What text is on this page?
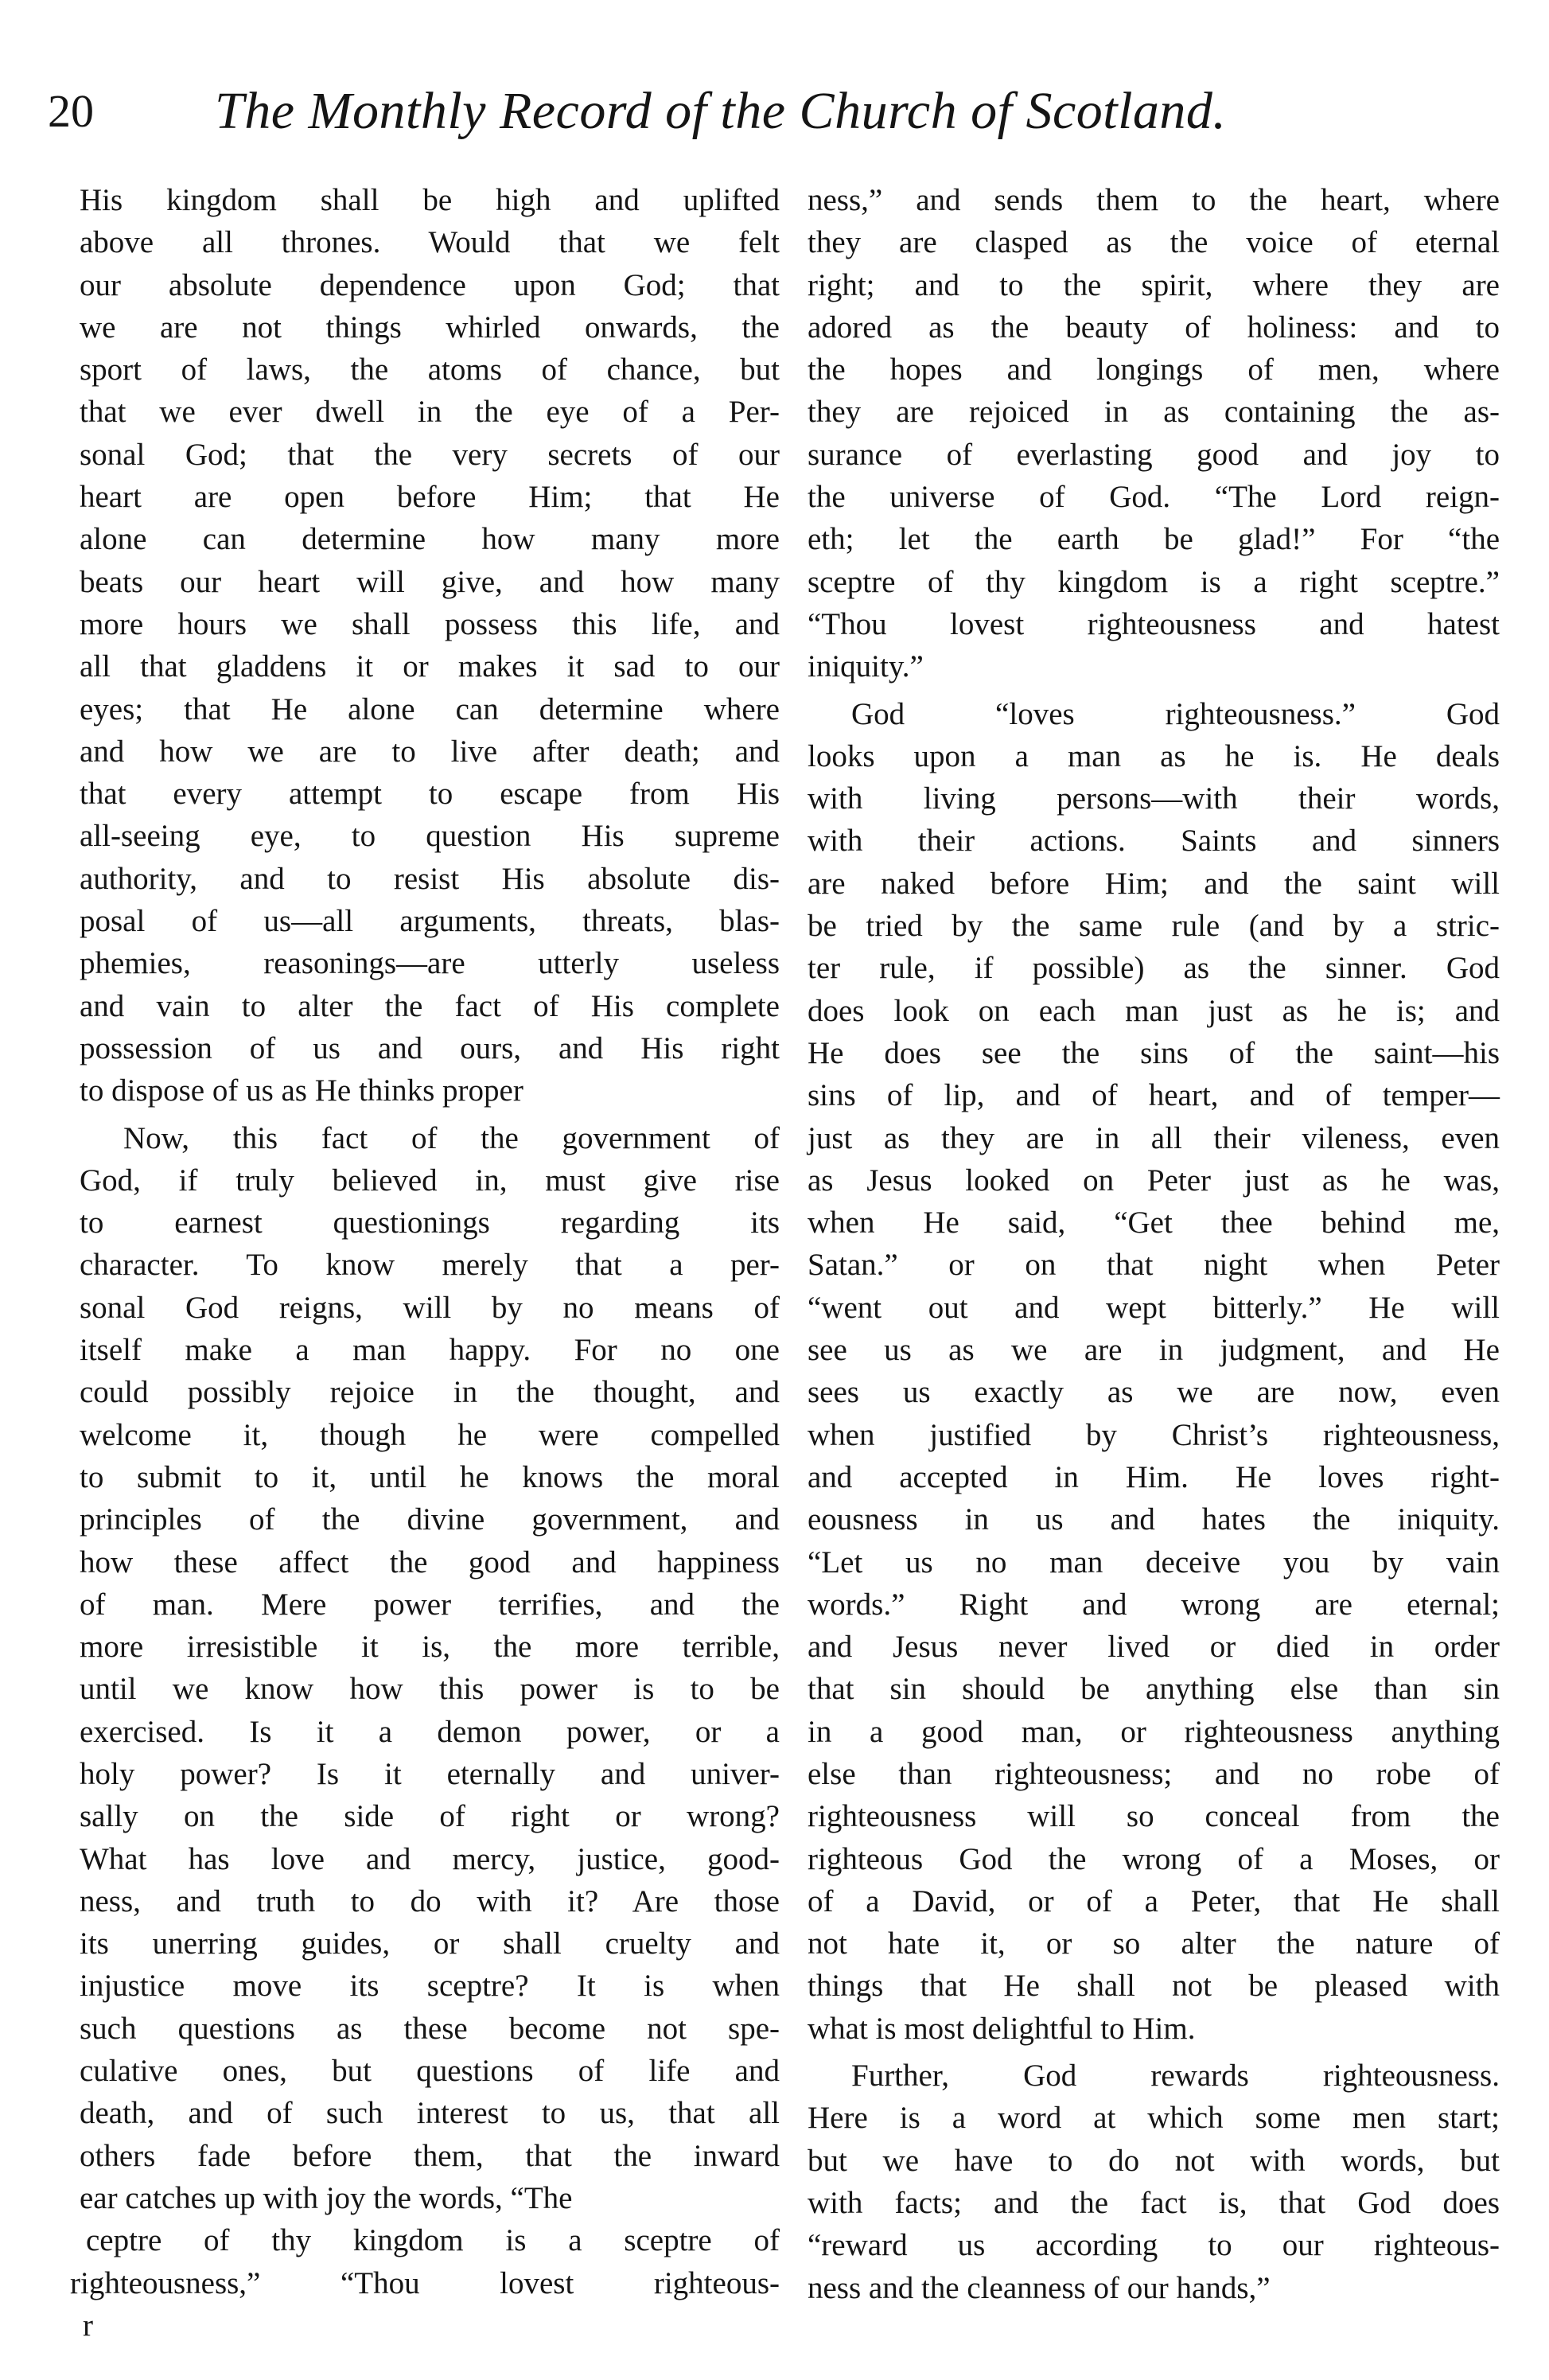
20 The Monthly Record of the Church of Scotland.
His kingdom shall be high and uplifted
above all thrones. Would that we felt
our absolute dependence upon God; that
we are not things whirled onwards, the
sport of laws, the atoms of chance, but
that we ever dwell in the eye of a Per-
sonal God; that the very secrets of our
heart are open before Him; that He
alone can determine how many more
beats our heart will give, and how many
more hours we shall possess this life, and
all that gladdens it or makes it sad to our
eyes; that He alone can determine where
and how we are to live after death; and
that every attempt to escape from His
all-seeing eye, to question His supreme
authority, and to resist His absolute dis-
posal of us—all arguments, threats, blas-
phemies, reasonings—are utterly useless
and vain to alter the fact of His complete
possession of us and ours, and His right
to dispose of us as He thinks proper
Now, this fact of the government of
God, if truly believed in, must give rise
to earnest questionings regarding its
character. To know merely that a per-
sonal God reigns, will by no means of
itself make a man happy. For no one
could possibly rejoice in the thought, and
welcome it, though he were compelled
to submit to it, until he knows the moral
principles of the divine government, and
how these affect the good and happiness
of man. Mere power terrifies, and the
more irresistible it is, the more terrible,
until we know how this power is to be
exercised. Is it a demon power, or a
holy power? Is it eternally and univer-
sally on the side of right or wrong?
What has love and mercy, justice, good-
ness, and truth to do with it? Are those
its unerring guides, or shall cruelty and
injustice move its sceptre? It is when
such questions as these become not spe-
culative ones, but questions of life and
death, and of such interest to us, that all
others fade before them, that the inward
ear catches up with joy the words, “The
ceptre of thy kingdom is a sceptre of
righteousness,” “Thou lovest righteous-
r
ness,” and sends them to the heart, where
they are clasped as the voice of eternal
right; and to the spirit, where they are
adored as the beauty of holiness: and to
the hopes and longings of men, where
they are rejoiced in as containing the as-
surance of everlasting good and joy to
the universe of God. “The Lord reign-
eth; let the earth be glad!” For “the
sceptre of thy kingdom is a right sceptre.”
“Thou lovest righteousness and hatest
iniquity.”
God “loves righteousness.” God
looks upon a man as he is. He deals
with living persons—with their words,
with their actions. Saints and sinners
are naked before Him; and the saint will
be tried by the same rule (and by a stric-
ter rule, if possible) as the sinner. God
does look on each man just as he is; and
He does see the sins of the saint—his
sins of lip, and of heart, and of temper—
just as they are in all their vileness, even
as Jesus looked on Peter just as he was,
when He said, “Get thee behind me,
Satan.” or on that night when Peter
“went out and wept bitterly.” He will
see us as we are in judgment, and He
sees us exactly as we are now, even
when justified by Christ’s righteousness,
and accepted in Him. He loves right-
eousness in us and hates the iniquity.
“Let us no man deceive you by vain
words.” Right and wrong are eternal;
and Jesus never lived or died in order
that sin should be anything else than sin
in a good man, or righteousness anything
else than righteousness; and no robe of
righteousness will so conceal from the
righteous God the wrong of a Moses, or
of a David, or of a Peter, that He shall
not hate it, or so alter the nature of
things that He shall not be pleased with
what is most delightful to Him.
Further, God rewards righteousness.
Here is a word at which some men start;
but we have to do not with words, but
with facts; and the fact is, that God does
“reward us according to our righteous-
ness and the cleanness of our hands,”
